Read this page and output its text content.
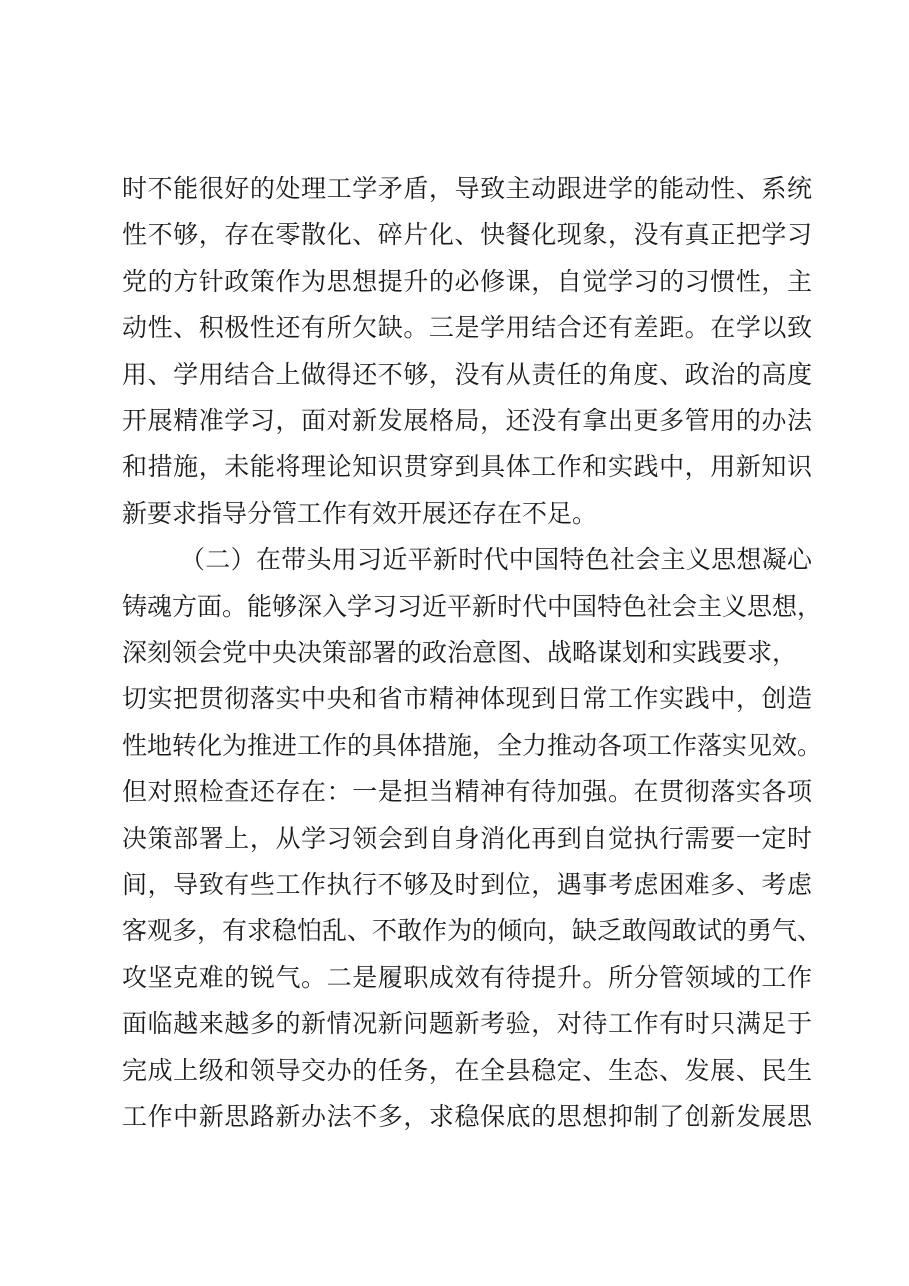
时不能很好的处理工学矛盾，导致主动跟进学的能动性、系统
性不够，存在零散化、碎片化、快餐化现象，没有真正把学习
党的方针政策作为思想提升的必修课，自觉学习的习惯性，主
动性、积极性还有所欠缺。三是学用结合还有差距。在学以致
用、学用结合上做得还不够，没有从责任的角度、政治的高度
开展精准学习，面对新发展格局，还没有拿出更多管用的办法
和措施，未能将理论知识贯穿到具体工作和实践中，用新知识
新要求指导分管工作有效开展还存在不足。
（二）在带头用习近平新时代中国特色社会主义思想凝心
铸魂方面。能够深入学习习近平新时代中国特色社会主义思想，
深刻领会党中央决策部署的政治意图、战略谋划和实践要求，
切实把贯彻落实中央和省市精神体现到日常工作实践中，创造
性地转化为推进工作的具体措施，全力推动各项工作落实见效。
但对照检查还存在：一是担当精神有待加强。在贯彻落实各项
决策部署上，从学习领会到自身消化再到自觉执行需要一定时
间，导致有些工作执行不够及时到位，遇事考虑困难多、考虑
客观多，有求稳怕乱、不敢作为的倾向，缺乏敢闯敢试的勇气、
攻坚克难的锐气。二是履职成效有待提升。所分管领域的工作
面临越来越多的新情况新问题新考验，对待工作有时只满足于
完成上级和领导交办的任务，在全县稳定、生态、发展、民生
工作中新思路新办法不多，求稳保底的思想抑制了创新发展思
